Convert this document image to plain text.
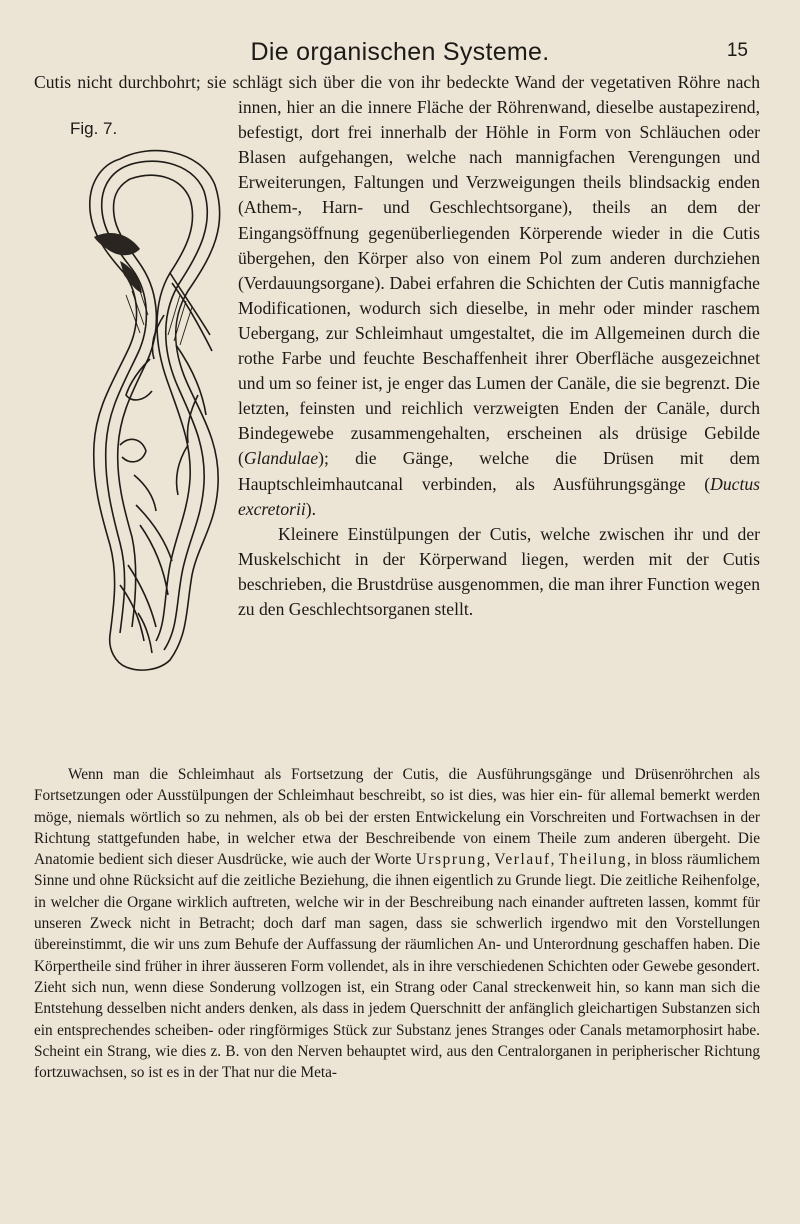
Die organischen Systeme.	15
Fig. 7.

Cutis nicht durchbohrt; sie schlägt sich über die von ihr bedeckte Wand der vegetativen Röhre nach innen, hier an die innere Fläche der Röhrenwand, dieselbe austapezirend, befestigt, dort frei innerhalb der Höhle in Form von Schläuchen oder Blasen aufgehangen, welche nach mannigfachen Verengungen und Erweiterungen, Faltungen und Verzweigungen theils blindsackig enden (Athem-, Harn- und Geschlechtsorgane), theils an dem der Eingangsöffnung gegenüberliegenden Körperende wieder in die Cutis übergehen, den Körper also von einem Pol zum anderen durchziehen (Verdauungsorgane). Dabei erfahren die Schichten der Cutis mannigfache Modificationen, wodurch sich dieselbe, in mehr oder minder raschem Uebergang, zur Schleimhaut umgestaltet, die im Allgemeinen durch die rothe Farbe und feuchte Beschaffenheit ihrer Oberfläche ausgezeichnet und um so feiner ist, je enger das Lumen der Canäle, die sie begrenzt. Die letzten, feinsten und reichlich verzweigten Enden der Canäle, durch Bindegewebe zusammengehalten, erscheinen als drüsige Gebilde (Glandulae); die Gänge, welche die Drüsen mit dem Hauptschleimhautcanal verbinden, als Ausführungsgänge (Ductus excretorii).

Kleinere Einstülpungen der Cutis, welche zwischen ihr und der Muskelschicht in der Körperwand liegen, werden mit der Cutis beschrieben, die Brustdrüse ausgenommen, die man ihrer Function wegen zu den Geschlechtsorganen stellt.

Wenn man die Schleimhaut als Fortsetzung der Cutis, die Ausführungsgänge und Drüsenröhrchen als Fortsetzungen oder Ausstülpungen der Schleimhaut beschreibt, so ist dies, was hier ein- für allemal bemerkt werden möge, niemals wörtlich so zu nehmen, als ob bei der ersten Entwickelung ein Vorschreiten und Fortwachsen in der Richtung stattgefunden habe, in welcher etwa der Beschreibende von einem Theile zum anderen übergeht. Die Anatomie bedient sich dieser Ausdrücke, wie auch der Worte Ursprung, Verlauf, Theilung, in bloss räumlichem Sinne und ohne Rücksicht auf die zeitliche Beziehung, die ihnen eigentlich zu Grunde liegt. Die zeitliche Reihenfolge, in welcher die Organe wirklich auftreten, welche wir in der Beschreibung nach einander auftreten lassen, kommt für unseren Zweck nicht in Betracht; doch darf man sagen, dass sie schwerlich irgendwo mit den Vorstellungen übereinstimmt, die wir uns zum Behufe der Auffassung der räumlichen An- und Unterordnung geschaffen haben. Die Körpertheile sind früher in ihrer äusseren Form vollendet, als in ihre verschiedenen Schichten oder Gewebe gesondert. Zieht sich nun, wenn diese Sonderung vollzogen ist, ein Strang oder Canal streckenweit hin, so kann man sich die Entstehung desselben nicht anders denken, als dass in jedem Querschnitt der anfänglich gleichartigen Substanzen sich ein entsprechendes scheiben- oder ringförmiges Stück zur Substanz jenes Stranges oder Canals metamorphosirt habe. Scheint ein Strang, wie dies z. B. von den Nerven behauptet wird, aus den Centralorganen in peripherischer Richtung fortzuwachsen, so ist es in der That nur die Meta-
